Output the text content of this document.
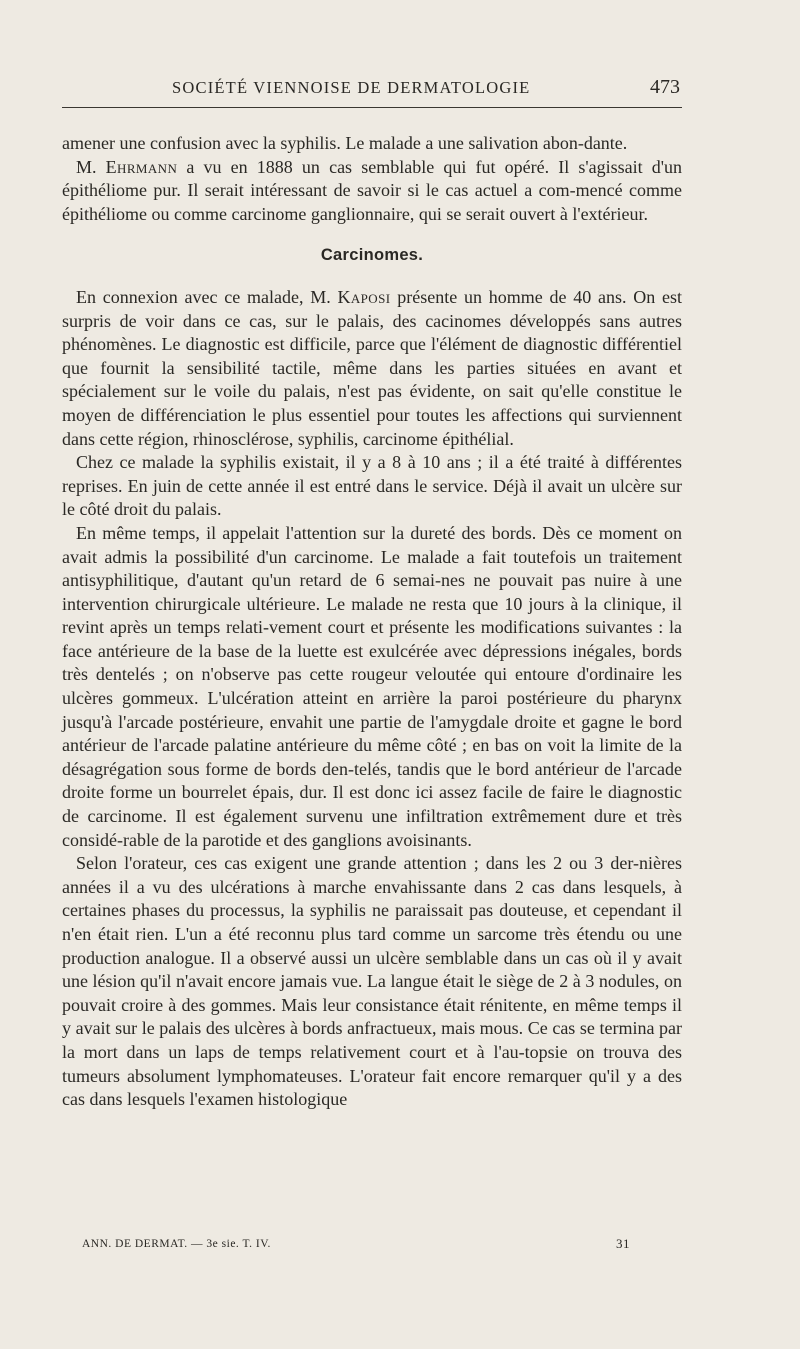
SOCIÉTÉ VIENNOISE DE DERMATOLOGIE	473

amener une confusion avec la syphilis. Le malade a une salivation abon-dante.

M. Ehrmann a vu en 1888 un cas semblable qui fut opéré. Il s'agissait d'un épithéliome pur. Il serait intéressant de savoir si le cas actuel a com-mencé comme épithéliome ou comme carcinome ganglionnaire, qui se serait ouvert à l'extérieur.

Carcinomes.

En connexion avec ce malade, M. Kaposi présente un homme de 40 ans. On est surpris de voir dans ce cas, sur le palais, des cacinomes développés sans autres phénomènes. Le diagnostic est difficile, parce que l'élément de diagnostic différentiel que fournit la sensibilité tactile, même dans les parties situées en avant et spécialement sur le voile du palais, n'est pas évidente, on sait qu'elle constitue le moyen de différenciation le plus essentiel pour toutes les affections qui surviennent dans cette région, rhinosclérose, syphilis, carcinome épithélial.

Chez ce malade la syphilis existait, il y a 8 à 10 ans ; il a été traité à différentes reprises. En juin de cette année il est entré dans le service. Déjà il avait un ulcère sur le côté droit du palais.

En même temps, il appelait l'attention sur la dureté des bords. Dès ce moment on avait admis la possibilité d'un carcinome. Le malade a fait toutefois un traitement antisyphilitique, d'autant qu'un retard de 6 semai-nes ne pouvait pas nuire à une intervention chirurgicale ultérieure. Le malade ne resta que 10 jours à la clinique, il revint après un temps relati-vement court et présente les modifications suivantes : la face antérieure de la base de la luette est exulcérée avec dépressions inégales, bords très dentelés ; on n'observe pas cette rougeur veloutée qui entoure d'ordinaire les ulcères gommeux. L'ulcération atteint en arrière la paroi postérieure du pharynx jusqu'à l'arcade postérieure, envahit une partie de l'amygdale droite et gagne le bord antérieur de l'arcade palatine antérieure du même côté ; en bas on voit la limite de la désagrégation sous forme de bords den-telés, tandis que le bord antérieur de l'arcade droite forme un bourrelet épais, dur. Il est donc ici assez facile de faire le diagnostic de carcinome. Il est également survenu une infiltration extrêmement dure et très considé-rable de la parotide et des ganglions avoisinants.

Selon l'orateur, ces cas exigent une grande attention ; dans les 2 ou 3 der-nières années il a vu des ulcérations à marche envahissante dans 2 cas dans lesquels, à certaines phases du processus, la syphilis ne paraissait pas douteuse, et cependant il n'en était rien. L'un a été reconnu plus tard comme un sarcome très étendu ou une production analogue. Il a observé aussi un ulcère semblable dans un cas où il y avait une lésion qu'il n'avait encore jamais vue. La langue était le siège de 2 à 3 nodules, on pouvait croire à des gommes. Mais leur consistance était rénitente, en même temps il y avait sur le palais des ulcères à bords anfractueux, mais mous. Ce cas se termina par la mort dans un laps de temps relativement court et à l'au-topsie on trouva des tumeurs absolument lymphomateuses. L'orateur fait encore remarquer qu'il y a des cas dans lesquels l'examen histologique

ANN. DE DERMAT. — 3e sie. T. IV.	31
